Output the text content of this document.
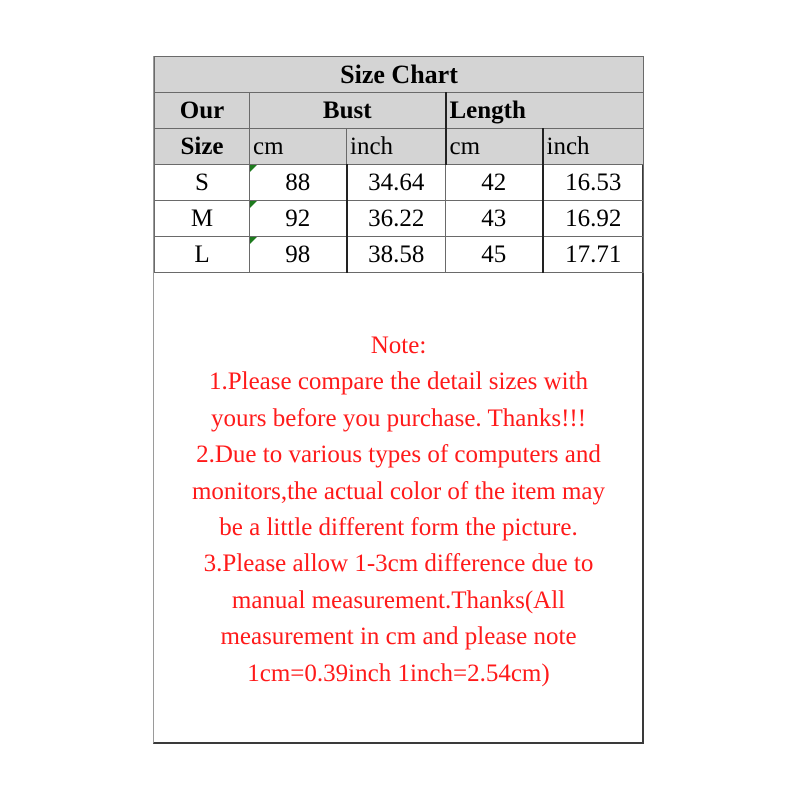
Size Chart				
Our	Bust		Length	
Size	cm	inch	cm	inch
S	88	34.64	42	16.53
M	92	36.22	43	16.92
L	98	38.58	45	17.71
Note:
1.Please compare the detail sizes with
yours before you purchase. Thanks!!!
2.Due to various types of computers and
monitors,the actual color of the item may
be a little different form the picture.
3.Please allow 1-3cm difference due to
manual measurement.Thanks(All
measurement in cm and please note
1cm=0.39inch 1inch=2.54cm)
